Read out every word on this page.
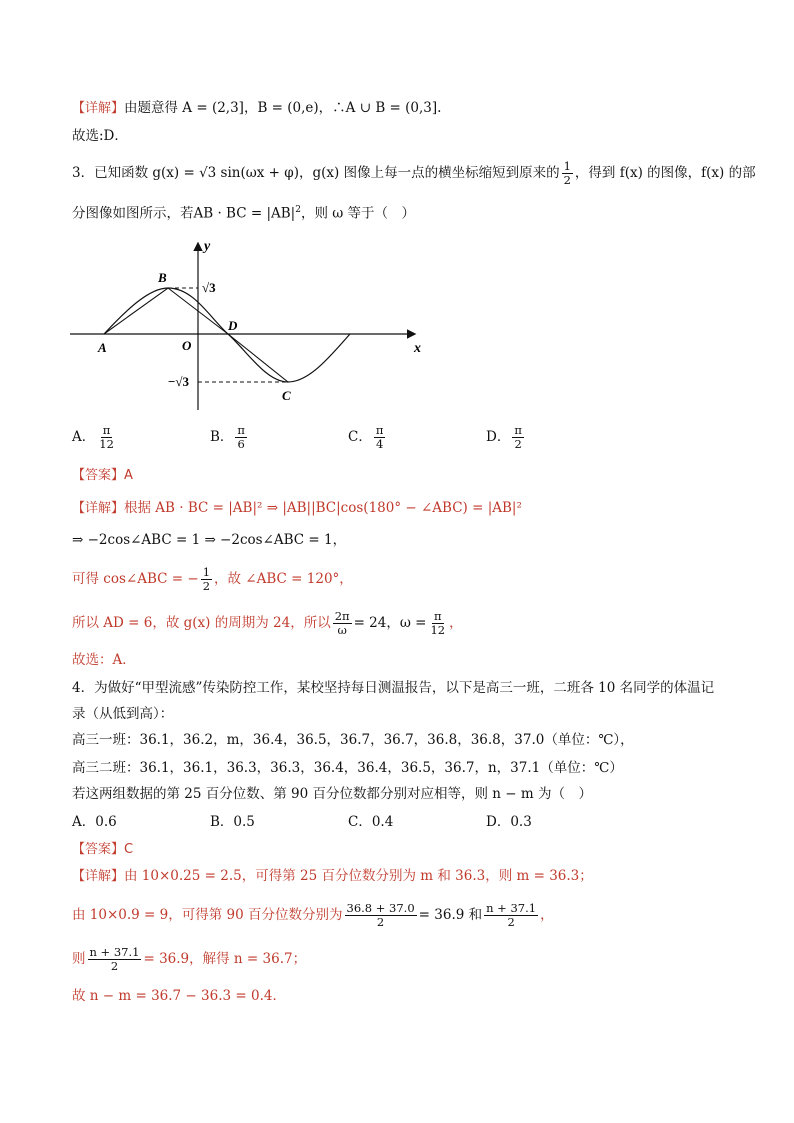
【详解】由题意得 A = (2,3]，B = (0,e)，∴A ∪ B = (0,3].
故选:D．
3．已知函数 g(x) = √3 sin(ωx + φ)，g(x) 图像上每一点的横坐标缩短到原来的 $\frac{1}{2}$ ，得到 f(x) 的图像，f(x) 的部
分图像如图所示，若AB · BC = $|AB|^2$，则 ω 等于（　）
y
x
O
A
B
C
D
√3
−√3
A． $\frac{\pi}{12}$	B． $\frac{\pi}{6}$	C． $\frac{\pi}{4}$	D． $\frac{\pi}{2}$
【答案】A
【详解】根据 AB · BC = |AB|² ⇒ |AB||BC|cos(180° − ∠ABC) = |AB|²
⇒ −2cos∠ABC = 1 ⇒ −2cos∠ABC = 1，
可得 cos∠ABC = − $\frac{1}{2}$ ，故 ∠ABC = 120°，
所以 AD = 6，故 g(x) 的周期为 24，所以 $\frac{2\pi}{\omega} = 24$，$\omega = \frac{\pi}{12}$ ，
故选：A．
4．为做好“甲型流感”传染防控工作，某校坚持每日测温报告，以下是高三一班，二班各 10 名同学的体温记
录（从低到高）：
高三一班：36.1，36.2，m，36.4，36.5，36.7，36.7，36.8，36.8，37.0（单位：℃），
高三二班：36.1，36.1，36.3，36.3，36.4，36.4，36.5，36.7，n，37.1（单位：℃）
若这两组数据的第 25 百分位数、第 90 百分位数都分别对应相等，则 n − m 为（　）
A．0.6	B．0.5	C．0.4	D．0.3
【答案】C
【详解】由 10×0.25 = 2.5，可得第 25 百分位数分别为 m 和 36.3，则 m = 36.3；
由 10×0.9 = 9，可得第 90 百分位数分别为 $\frac{36.8 + 37.0}{2} = 36.9$ 和 $\frac{n + 37.1}{2}$ ，
则 $\frac{n + 37.1}{2} = 36.9$，解得 n = 36.7；
故 n − m = 36.7 − 36.3 = 0.4．
